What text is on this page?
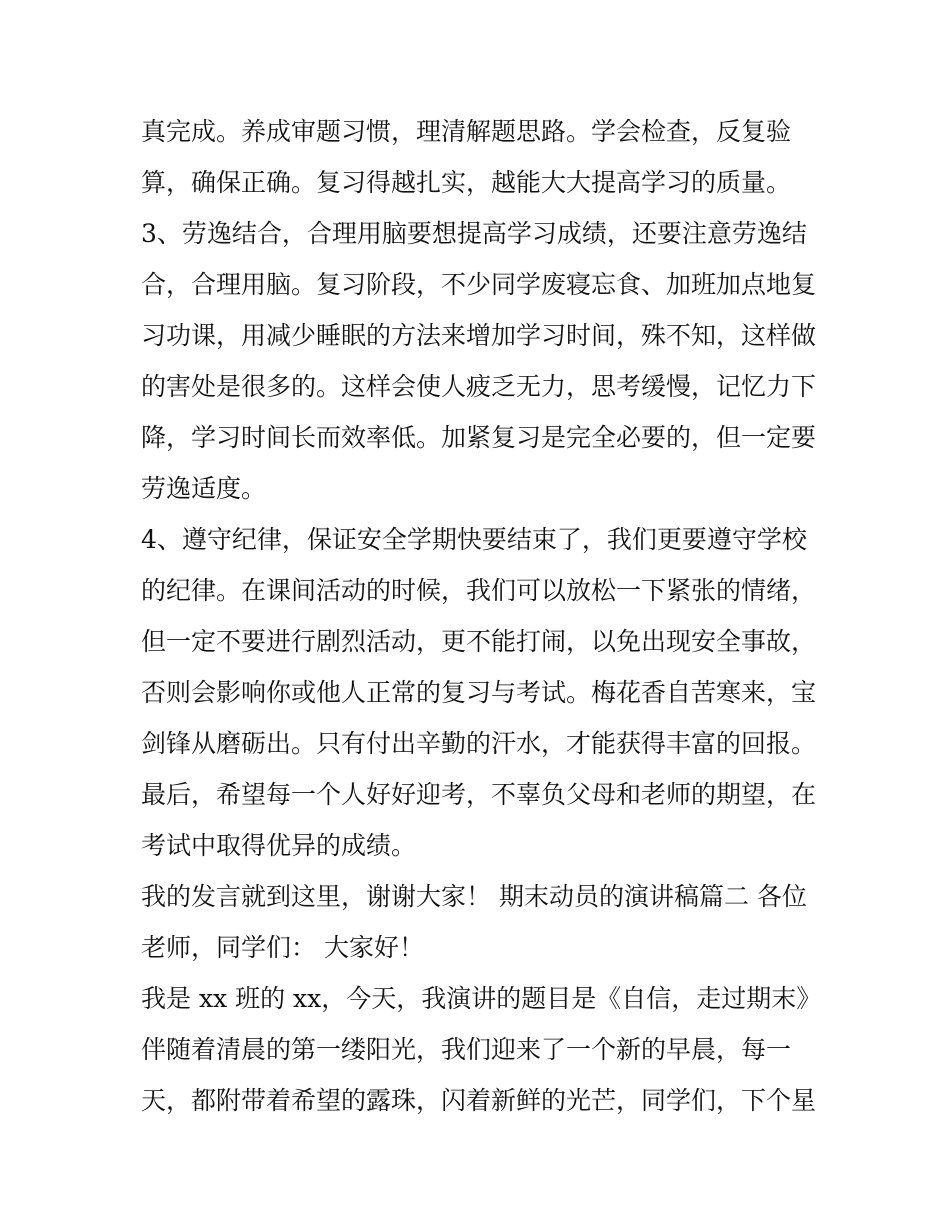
真完成。养成审题习惯，理清解题思路。学会检查，反复验
算，确保正确。复习得越扎实，越能大大提高学习的质量。
3、劳逸结合，合理用脑要想提高学习成绩，还要注意劳逸结
合，合理用脑。复习阶段，不少同学废寝忘食、加班加点地复
习功课，用减少睡眠的方法来增加学习时间，殊不知，这样做
的害处是很多的。这样会使人疲乏无力，思考缓慢，记忆力下
降，学习时间长而效率低。加紧复习是完全必要的，但一定要
劳逸适度。
4、遵守纪律，保证安全学期快要结束了，我们更要遵守学校
的纪律。在课间活动的时候，我们可以放松一下紧张的情绪，
但一定不要进行剧烈活动，更不能打闹，以免出现安全事故，
否则会影响你或他人正常的复习与考试。梅花香自苦寒来，宝
剑锋从磨砺出。只有付出辛勤的汗水，才能获得丰富的回报。
最后，希望每一个人好好迎考，不辜负父母和老师的期望，在
考试中取得优异的成绩。
我的发言就到这里，谢谢大家！ 期末动员的演讲稿篇二 各位
老师，同学们： 大家好！
我是 xx 班的 xx，今天，我演讲的题目是《自信，走过期末》
伴随着清晨的第一缕阳光，我们迎来了一个新的早晨，每一
天，都附带着希望的露珠，闪着新鲜的光芒，同学们，下个星
